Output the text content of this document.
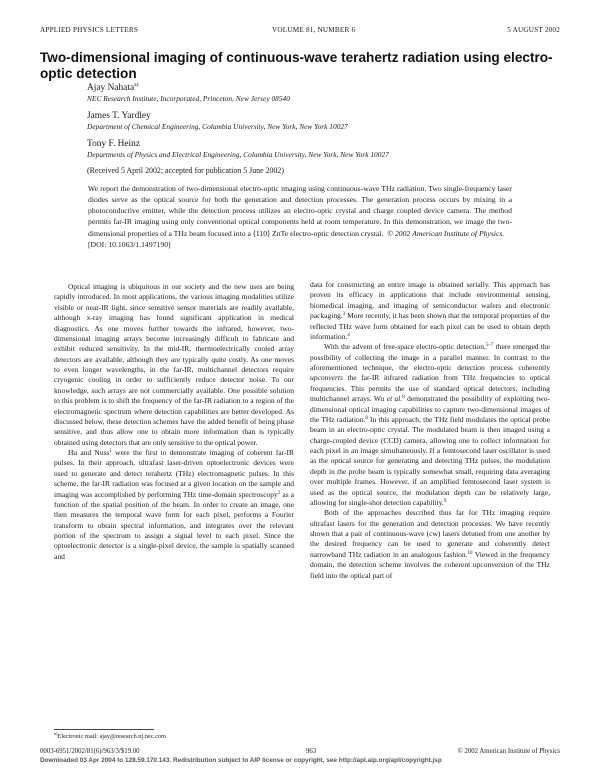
APPLIED PHYSICS LETTERS	VOLUME 81, NUMBER 6	5 AUGUST 2002
Two-dimensional imaging of continuous-wave terahertz radiation using electro-optic detection
Ajay Nahata$^{a)}$
NEC Research Institute, Incorporated, Princeton, New Jersey 08540
James T. Yardley
Department of Chemical Engineering, Columbia University, New York, New York 10027
Tony F. Heinz
Departments of Physics and Electrical Engineering, Columbia University, New York, New York 10027
(Received 5 April 2002; accepted for publication 5 June 2002)
We report the demonstration of two-dimensional electro-optic imaging using continuous-wave THz radiation. Two single-frequency laser diodes serve as the optical source for both the generation and detection processes. The generation process occurs by mixing in a photoconductive emitter, while the detection process utilizes an electro-optic crystal and charge coupled device camera. The method permits far-IR imaging using only conventional optical components held at room temperature. In this demonstration, we image the two-dimensional properties of a THz beam focused into a ⟨110⟩ ZnTe electro-optic detection crystal. © 2002 American Institute of Physics.
[DOI: 10.1063/1.1497190]

Optical imaging is ubiquitous in our society and the new uses are being rapidly introduced. In most applications, the various imaging modalities utilize visible or near-IR light, since sensitive sensor materials are readily available, although x-ray imaging has found significant application in medical diagnostics. As one moves further towards the infrared, however, two-dimensional imaging arrays become increasingly difficult to fabricate and exhibit reduced sensitivity. In the mid-IR, thermoelectrically cooled array detectors are available, although they are typically quite costly. As one moves to even longer wavelengths, in the far-IR, multichannel detectors require cryogenic cooling in order to sufficiently reduce detector noise. To our knowledge, such arrays are not commercially available. One possible solution to this problem is to shift the frequency of the far-IR radiation to a region of the electromagnetic spectrum where detection capabilities are better developed. As discussed below, these detection schemes have the added benefit of being phase sensitive, and thus allow one to obtain more information than is typically obtained using detectors that are only sensitive to the optical power.

Hu and Nuss$^1$ were the first to demonstrate imaging of coherent far-IR pulses. In their approach, ultrafast laser-driven optoelectronic devices were used to generate and detect terahertz (THz) electromagnetic pulses. In this scheme, the far-IR radiation was focused at a given location on the sample and imaging was accomplished by performing THz time-domain spectroscopy$^2$ as a function of the spatial position of the beam. In order to create an image, one then measures the temporal wave form for each pixel, performs a Fourier transform to obtain spectral information, and integrates over the relevant portion of the spectrum to assign a signal level to each pixel. Since the optoelectronic detector is a single-pixel device, the sample is spatially scanned and

data for constructing an entire image is obtained serially. This approach has proven its efficacy in applications that include environmental sensing, biomedical imaging, and imaging of semiconductor wafers and electronic packaging.$^3$ More recently, it has been shown that the temporal properties of the reflected THz wave form obtained for each pixel can be used to obtain depth information.$^4$

With the advent of free-space electro-optic detection,$^{5-7}$ there emerged the possibility of collecting the image in a parallel manner. In contrast to the aforementioned technique, the electro-optic detection process coherently upconverts the far-IR infrared radiation from THz frequencies to optical frequencies. This permits the use of standard optical detectors, including multichannel arrays. Wu et al.$^8$ demonstrated the possibility of exploiting two-dimensional optical imaging capabilities to capture two-dimensional images of the THz radiation.$^8$ In this approach, the THz field modulates the optical probe beam in an electro-optic crystal. The modulated beam is then imaged using a charge-coupled device (CCD) camera, allowing one to collect information for each pixel in an image simultaneously. If a femtosecond laser oscillator is used as the optical source for generating and detecting THz pulses, the modulation depth in the probe beam is typically somewhat small, requiring data averaging over multiple frames. However, if an amplified femtosecond laser system is used as the optical source, the modulation depth can be relatively large, allowing for single-shot detection capability.$^9$

Both of the approaches described thus far for THz imaging require ultrafast lasers for the generation and detection processes. We have recently shown that a pair of continuous-wave (cw) lasers detuned from one another by the desired frequency can be used to generate and coherently detect narrowband THz radiation in an analogous fashion.$^{10}$ Viewed in the frequency domain, the detection scheme involves the coherent upconversion of the THz field into the optical part of

$^{a)}$Electronic mail: ajay@research.nj.nec.com
0003-6951/2002/81(6)/963/3/$19.00	963	© 2002 American Institute of Physics
Downloaded 03 Apr 2004 to 128.59.170.143. Redistribution subject to AIP license or copyright, see http://apl.aip.org/apl/copyright.jsp
